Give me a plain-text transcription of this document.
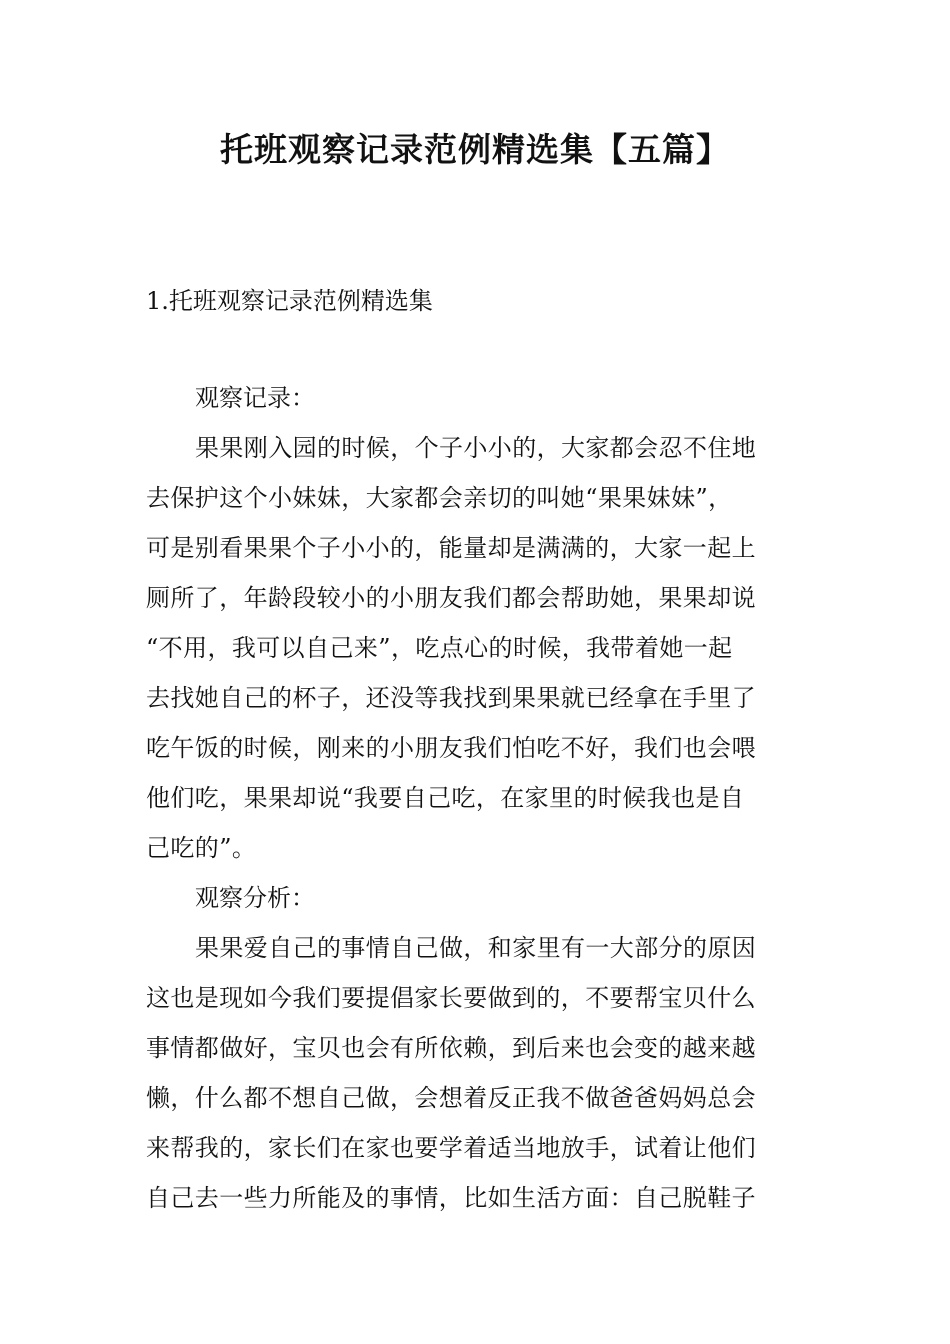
托班观察记录范例精选集【五篇】

1.托班观察记录范例精选集

观察记录：

果果刚入园的时候，个子小小的，大家都会忍不住地

去保护这个小妹妹，大家都会亲切的叫她“果果妹妹”，

可是别看果果个子小小的，能量却是满满的，大家一起上

厕所了，年龄段较小的小朋友我们都会帮助她，果果却说

“不用，我可以自己来”，吃点心的时候，我带着她一起

去找她自己的杯子，还没等我找到果果就已经拿在手里了

吃午饭的时候，刚来的小朋友我们怕吃不好，我们也会喂

他们吃，果果却说“我要自己吃，在家里的时候我也是自

己吃的”。

观察分析：

果果爱自己的事情自己做，和家里有一大部分的原因

这也是现如今我们要提倡家长要做到的，不要帮宝贝什么

事情都做好，宝贝也会有所依赖，到后来也会变的越来越

懒，什么都不想自己做，会想着反正我不做爸爸妈妈总会

来帮我的，家长们在家也要学着适当地放手，试着让他们

自己去一些力所能及的事情，比如生活方面：自己脱鞋子
